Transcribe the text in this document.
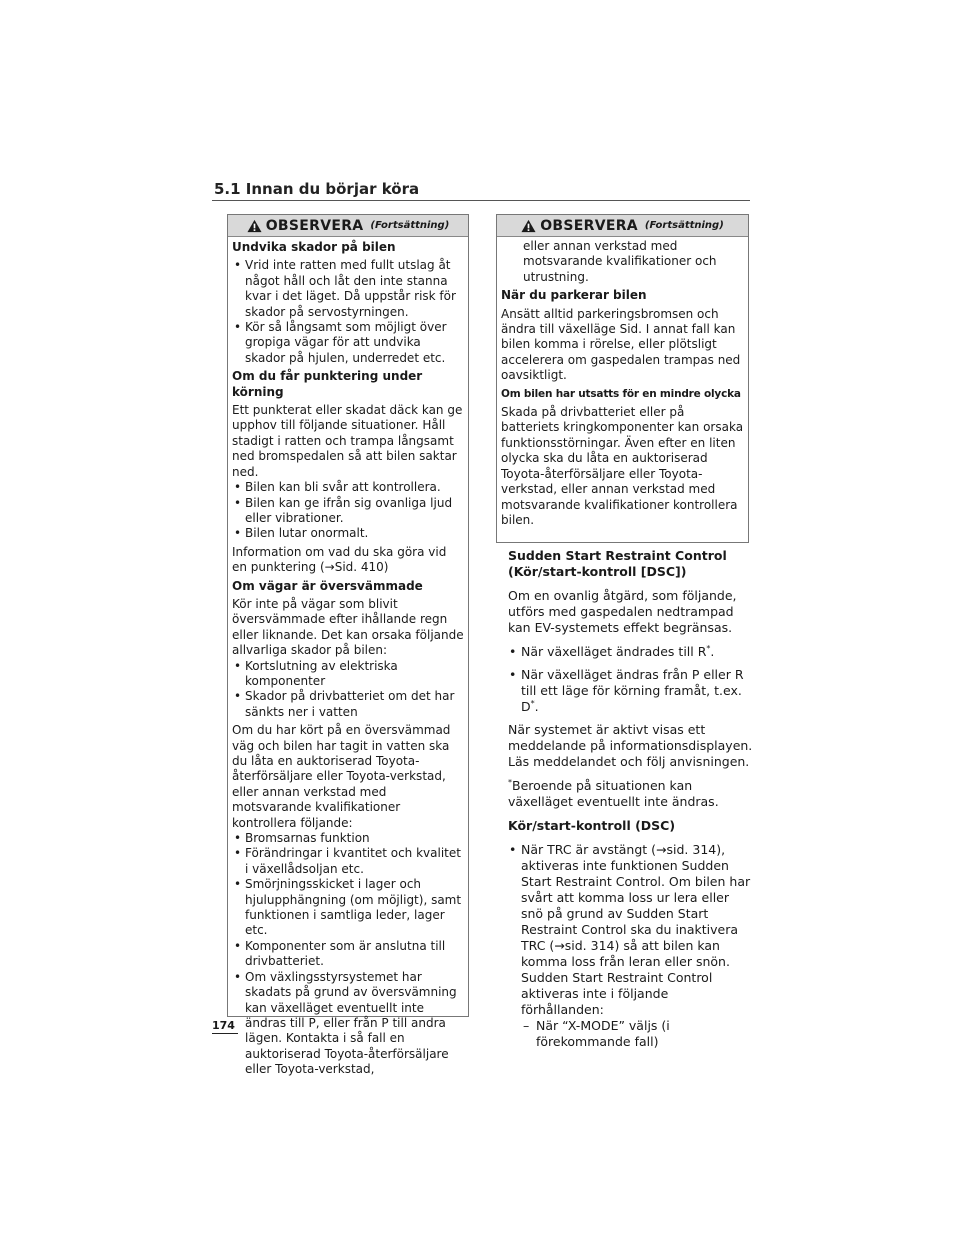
5.1 Innan du börjar köra
OBSERVERA (Fortsättning)
Undvika skador på bilen
• Vrid inte ratten med fullt utslag åt något håll och låt den inte stanna kvar i det läget. Då uppstår risk för skador på servostyrningen.
• Kör så långsamt som möjligt över gropiga vägar för att undvika skador på hjulen, underredet etc.
Om du får punktering under körning
Ett punkterat eller skadat däck kan ge upphov till följande situationer. Håll stadigt i ratten och trampa långsamt ned bromspedalen så att bilen saktar ned.
• Bilen kan bli svår att kontrollera.
• Bilen kan ge ifrån sig ovanliga ljud eller vibrationer.
• Bilen lutar onormalt.
Information om vad du ska göra vid en punktering (→Sid. 410)
Om vägar är översvämmade
Kör inte på vägar som blivit översvämmade efter ihållande regn eller liknande. Det kan orsaka följande allvarliga skador på bilen:
• Kortslutning av elektriska komponenter
• Skador på drivbatteriet om det har sänkts ner i vatten
Om du har kört på en översvämmad väg och bilen har tagit in vatten ska du låta en auktoriserad Toyota-återförsäljare eller Toyota-verkstad, eller annan verkstad med motsvarande kvalifikationer kontrollera följande:
• Bromsarnas funktion
• Förändringar i kvantitet och kvalitet i växellådsoljan etc.
• Smörjningsskicket i lager och hjulupphängning (om möjligt), samt funktionen i samtliga leder, lager etc.
• Komponenter som är anslutna till drivbatteriet.
• Om växlingsstyrsystemet har skadats på grund av översvämning kan växelläget eventuellt inte ändras till P, eller från P till andra lägen. Kontakta i så fall en auktoriserad Toyota-återförsäljare eller Toyota-verkstad,
OBSERVERA (Fortsättning)
eller annan verkstad med motsvarande kvalifikationer och utrustning.
När du parkerar bilen
Ansätt alltid parkeringsbromsen och ändra till växelläge Sid. I annat fall kan bilen komma i rörelse, eller plötsligt accelerera om gaspedalen trampas ned oavsiktligt.
Om bilen har utsatts för en mindre olycka
Skada på drivbatteriet eller på batteriets kringkomponenter kan orsaka funktionsstörningar. Även efter en liten olycka ska du låta en auktoriserad Toyota-återförsäljare eller Toyota-verkstad, eller annan verkstad med motsvarande kvalifikationer kontrollera bilen.
Sudden Start Restraint Control (Kör/start-kontroll [DSC])
Om en ovanlig åtgärd, som följande, utförs med gaspedalen nedtrampad kan EV-systemets effekt begränsas.
• När växelläget ändrades till R*.
• När växelläget ändras från P eller R till ett läge för körning framåt, t.ex. D*.
När systemet är aktivt visas ett meddelande på informationsdisplayen. Läs meddelandet och följ anvisningen.
*Beroende på situationen kan växelläget eventuellt inte ändras.
Kör/start-kontroll (DSC)
• När TRC är avstängt (→sid. 314), aktiveras inte funktionen Sudden Start Restraint Control. Om bilen har svårt att komma loss ur lera eller snö på grund av Sudden Start Restraint Control ska du inaktivera TRC (→sid. 314) så att bilen kan komma loss från leran eller snön. Sudden Start Restraint Control aktiveras inte i följande förhållanden:
– När “X-MODE” väljs (i förekommande fall)
174
